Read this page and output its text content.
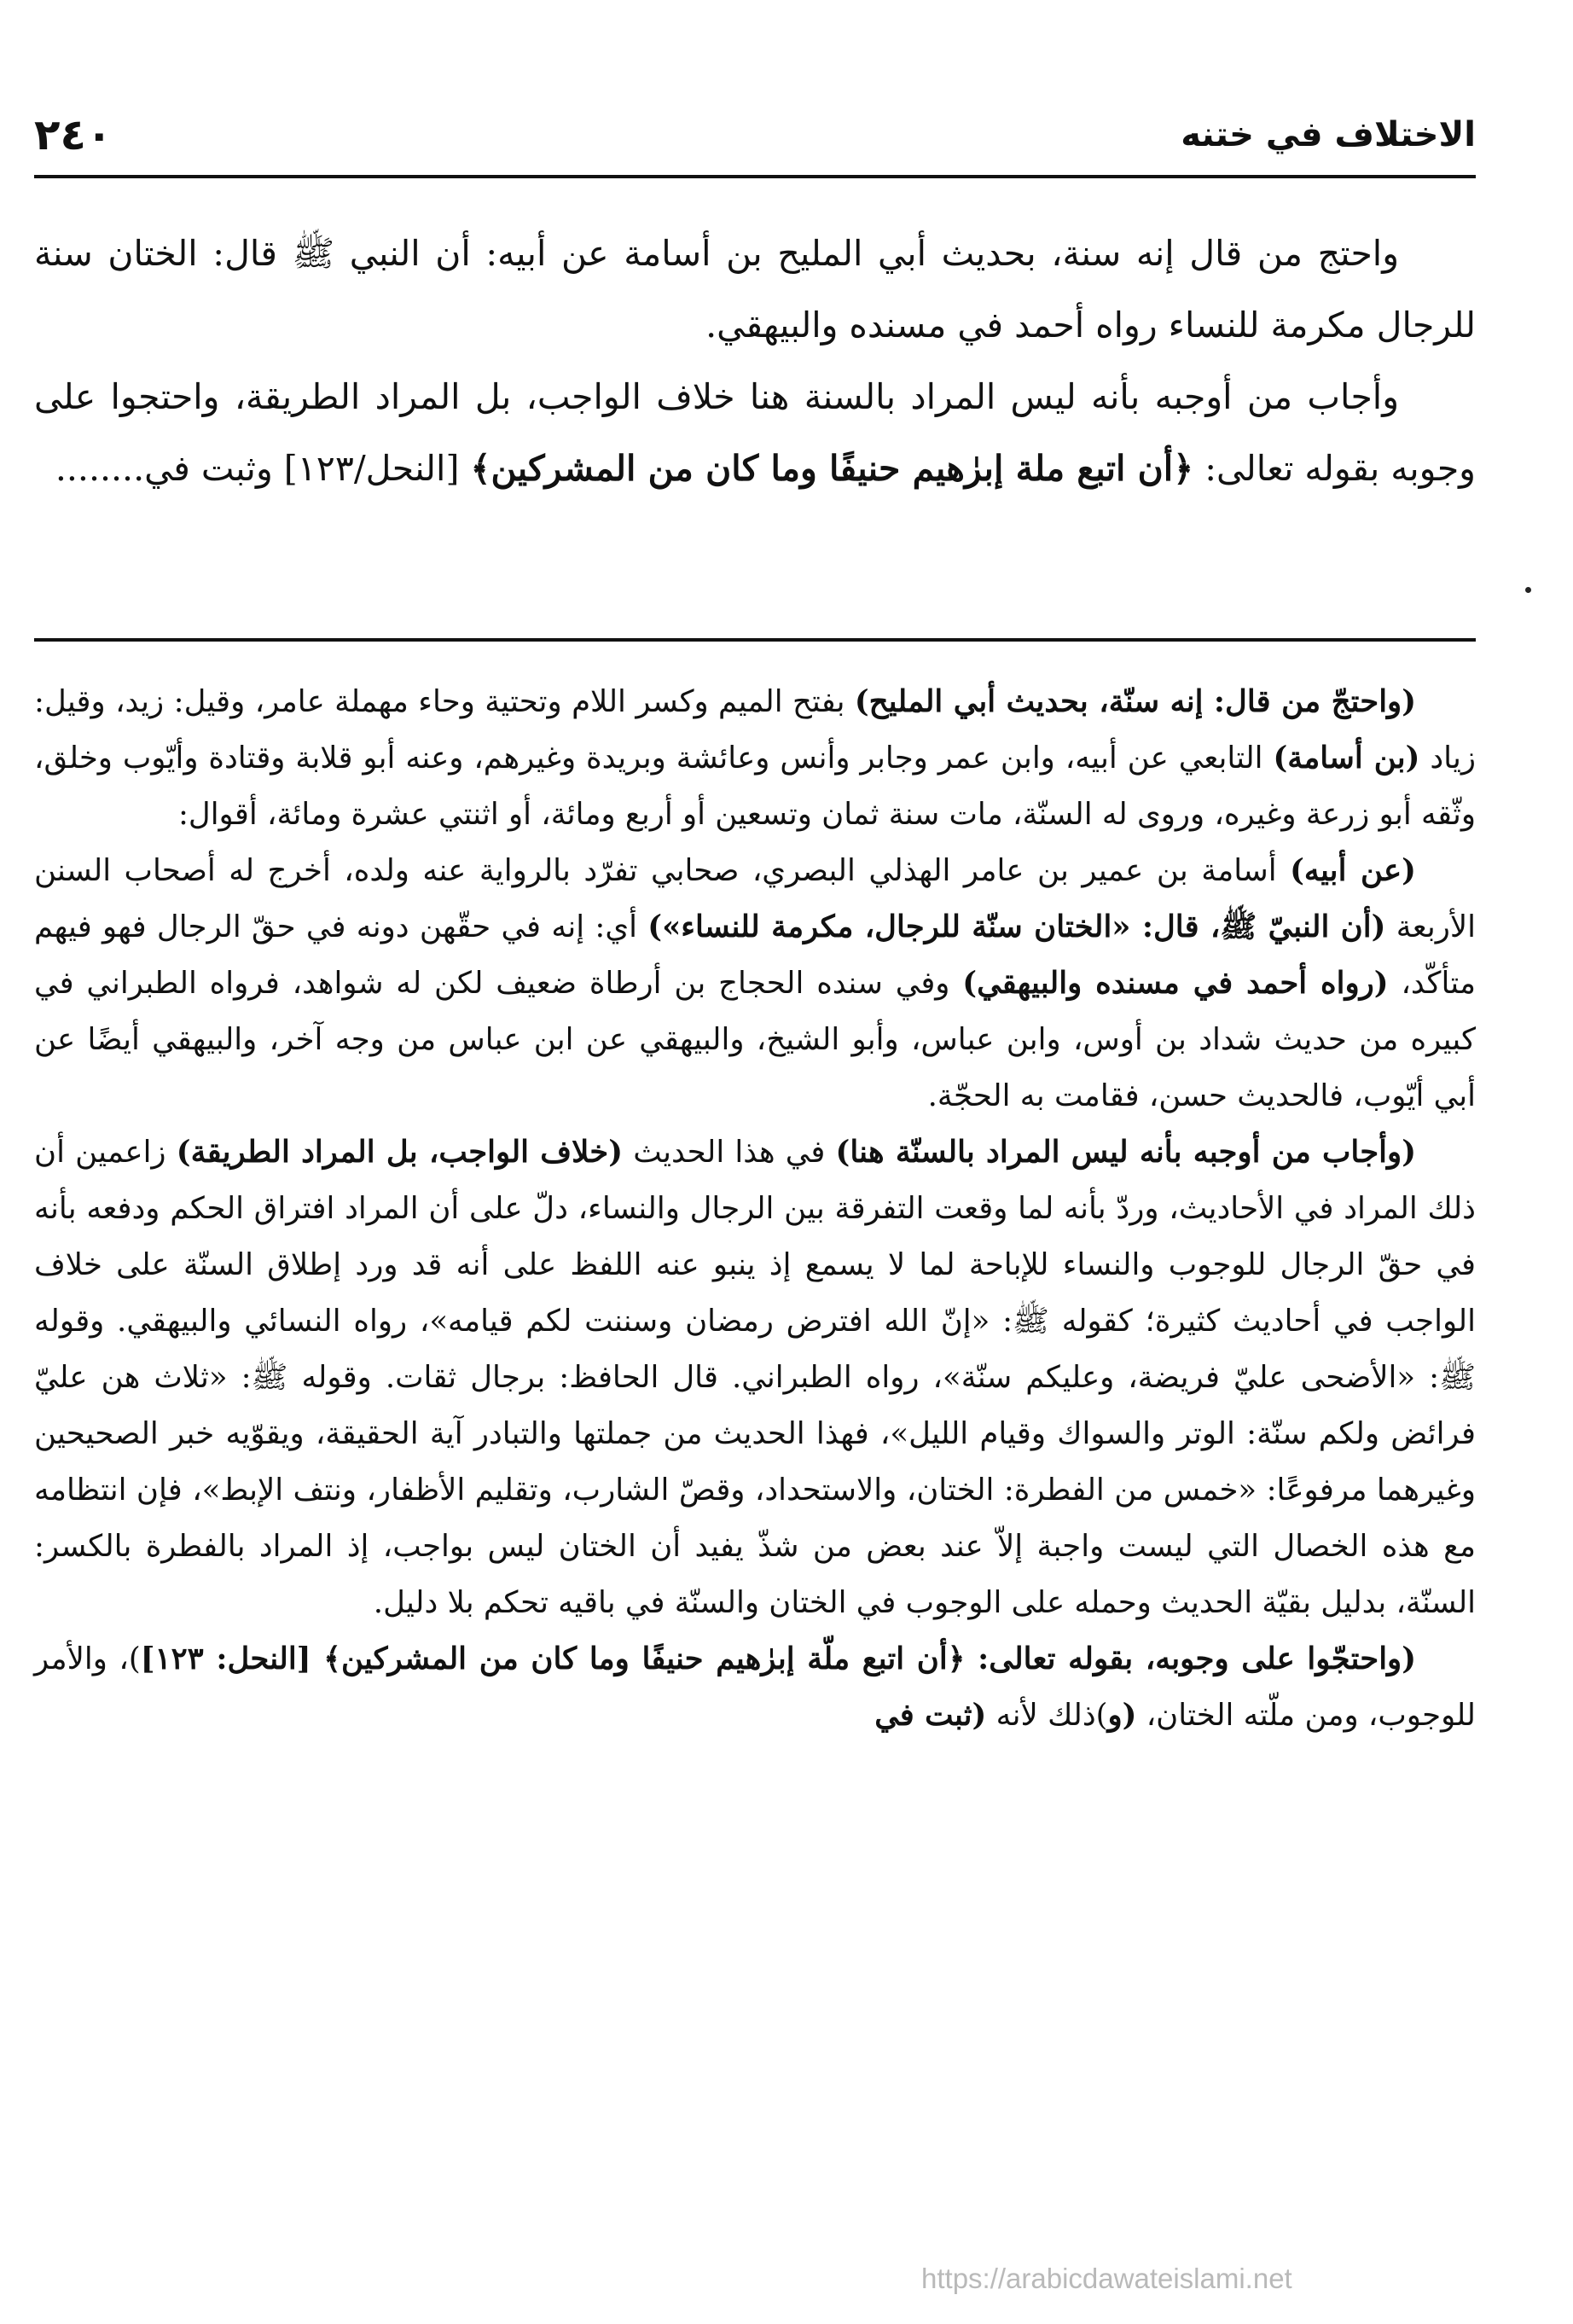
٢٤٠	الاختلاف في ختنه

واحتج من قال إنه سنة، بحديث أبي المليح بن أسامة عن أبيه: أن النبي ﷺ قال: الختان سنة للرجال مكرمة للنساء رواه أحمد في مسنده والبيهقي.

وأجاب من أوجبه بأنه ليس المراد بالسنة هنا خلاف الواجب، بل المراد الطريقة، واحتجوا على وجوبه بقوله تعالى: ﴿أن اتبع ملة إبرٰهيم حنيفًا وما كان من المشركين﴾ [النحل/١٢٣] وثبت في........

(واحتجّ من قال: إنه سنّة، بحديث أبي المليح) بفتح الميم وكسر اللام وتحتية وحاء مهملة عامر، وقيل: زيد، وقيل: زياد (بن أسامة) التابعي عن أبيه، وابن عمر وجابر وأنس وعائشة وبريدة وغيرهم، وعنه أبو قلابة وقتادة وأيّوب وخلق، وثّقه أبو زرعة وغيره، وروى له السنّة، مات سنة ثمان وتسعين أو أربع ومائة، أو اثنتي عشرة ومائة، أقوال:

(عن أبيه) أسامة بن عمير بن عامر الهذلي البصري، صحابي تفرّد بالرواية عنه ولده، أخرج له أصحاب السنن الأربعة (أن النبيّ ﷺ، قال: «الختان سنّة للرجال، مكرمة للنساء») أي: إنه في حقّهن دونه في حقّ الرجال فهو فيهم متأكّد، (رواه أحمد في مسنده والبيهقي) وفي سنده الحجاج بن أرطاة ضعيف لكن له شواهد، فرواه الطبراني في كبيره من حديث شداد بن أوس، وابن عباس، وأبو الشيخ، والبيهقي عن ابن عباس من وجه آخر، والبيهقي أيضًا عن أبي أيّوب، فالحديث حسن، فقامت به الحجّة.

(وأجاب من أوجبه بأنه ليس المراد بالسنّة هنا) في هذا الحديث (خلاف الواجب، بل المراد الطريقة) زاعمين أن ذلك المراد في الأحاديث، وردّ بأنه لما وقعت التفرقة بين الرجال والنساء، دلّ على أن المراد افتراق الحكم ودفعه بأنه في حقّ الرجال للوجوب والنساء للإباحة لما لا يسمع إذ ينبو عنه اللفظ على أنه قد ورد إطلاق السنّة على خلاف الواجب في أحاديث كثيرة؛ كقوله ﷺ: «إنّ الله افترض رمضان وسننت لكم قيامه»، رواه النسائي والبيهقي. وقوله ﷺ: «الأضحى عليّ فريضة، وعليكم سنّة»، رواه الطبراني. قال الحافظ: برجال ثقات. وقوله ﷺ: «ثلاث هن عليّ فرائض ولكم سنّة: الوتر والسواك وقيام الليل»، فهذا الحديث من جملتها والتبادر آية الحقيقة، ويقوّيه خبر الصحيحين وغيرهما مرفوعًا: «خمس من الفطرة: الختان، والاستحداد، وقصّ الشارب، وتقليم الأظفار، ونتف الإبط»، فإن انتظامه مع هذه الخصال التي ليست واجبة إلاّ عند بعض من شذّ يفيد أن الختان ليس بواجب، إذ المراد بالفطرة بالكسر: السنّة، بدليل بقيّة الحديث وحمله على الوجوب في الختان والسنّة في باقيه تحكم بلا دليل.

(واحتجّوا على وجوبه، بقوله تعالى: ﴿أن اتبع ملّة إبرٰهيم حنيفًا وما كان من المشركين﴾ [النحل: ١٢٣])، والأمر للوجوب، ومن ملّته الختان، (و)ذلك لأنه (ثبت في

https://arabicdawateislami.net
